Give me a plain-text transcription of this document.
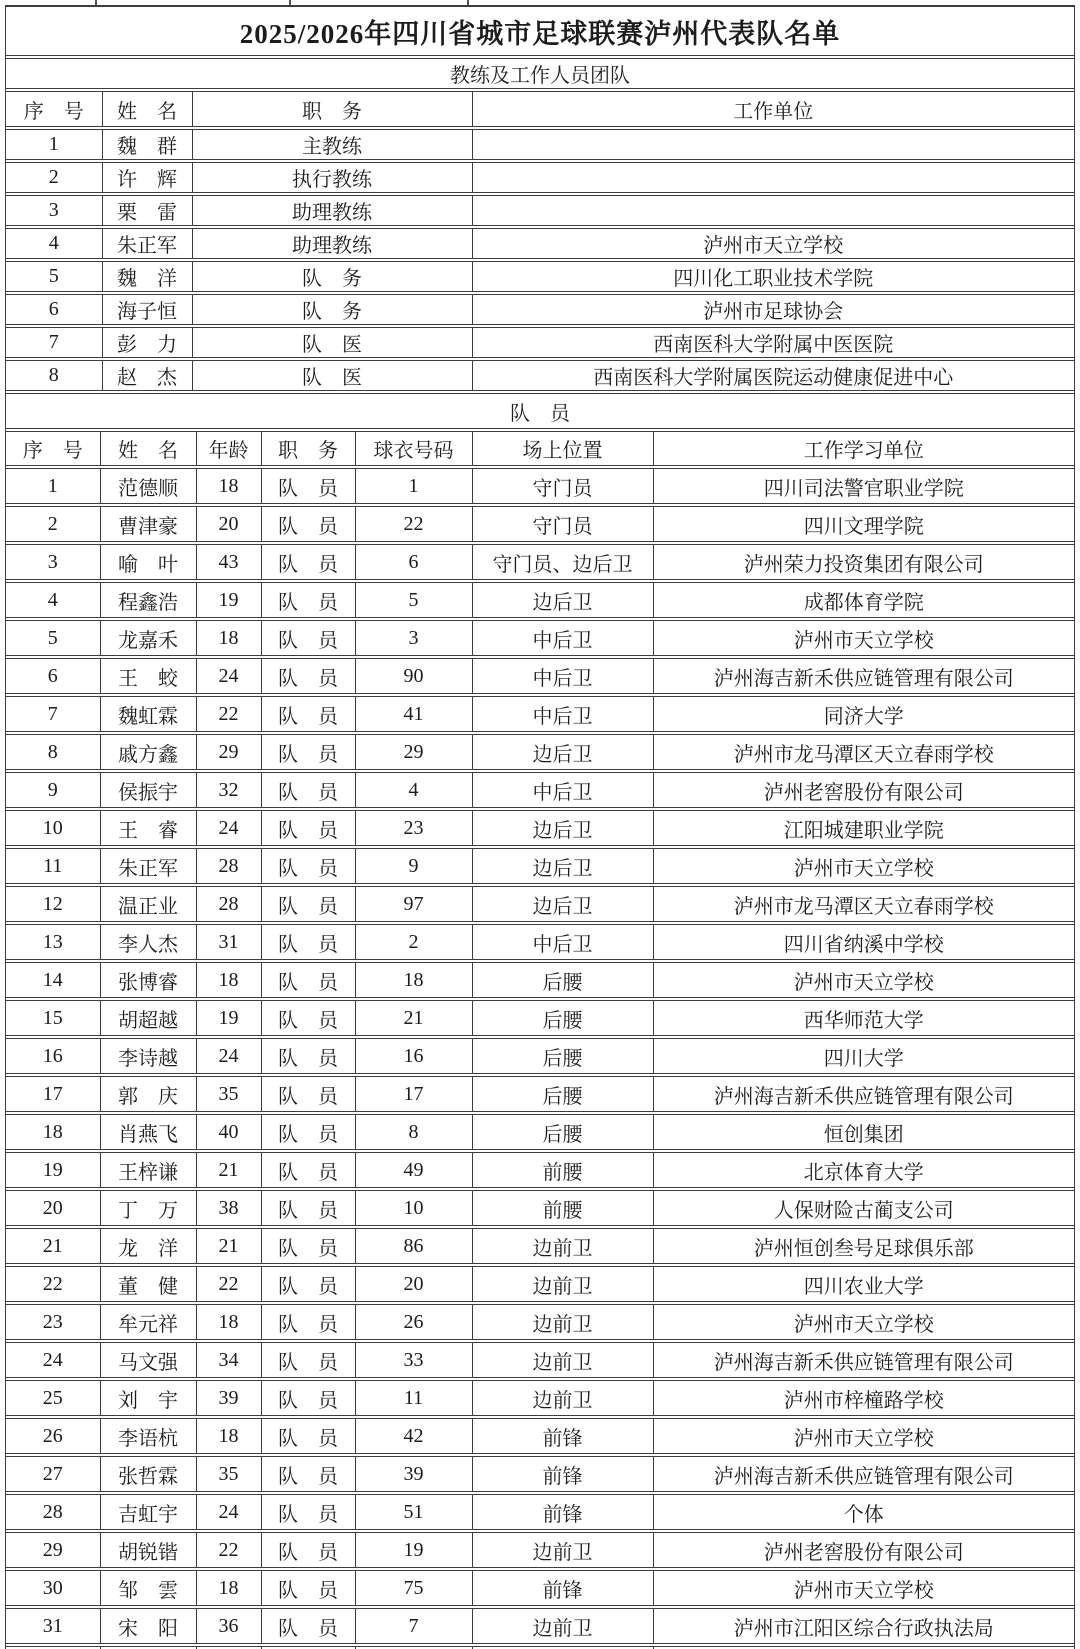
2025/2026年四川省城市足球联赛泸州代表队名单
教练及工作人员团队
序　号	姓　名	职　务	工作单位
1	魏　群	主教练	
2	许　辉	执行教练	
3	栗　雷	助理教练	
4	朱正军	助理教练	泸州市天立学校
5	魏　洋	队　务	四川化工职业技术学院
6	海子恒	队　务	泸州市足球协会
7	彭　力	队　医	西南医科大学附属中医医院
8	赵　杰	队　医	西南医科大学附属医院运动健康促进中心
队　员
序　号	姓　名	年龄	职　务	球衣号码	场上位置	工作学习单位
1	范德顺	18	队　员	1	守门员	四川司法警官职业学院
2	曹津豪	20	队　员	22	守门员	四川文理学院
3	喻　叶	43	队　员	6	守门员、边后卫	泸州荣力投资集团有限公司
4	程鑫浩	19	队　员	5	边后卫	成都体育学院
5	龙嘉禾	18	队　员	3	中后卫	泸州市天立学校
6	王　蛟	24	队　员	90	中后卫	泸州海吉新禾供应链管理有限公司
7	魏虹霖	22	队　员	41	中后卫	同济大学
8	戚方鑫	29	队　员	29	边后卫	泸州市龙马潭区天立春雨学校
9	侯振宇	32	队　员	4	中后卫	泸州老窖股份有限公司
10	王　睿	24	队　员	23	边后卫	江阳城建职业学院
11	朱正军	28	队　员	9	边后卫	泸州市天立学校
12	温正业	28	队　员	97	边后卫	泸州市龙马潭区天立春雨学校
13	李人杰	31	队　员	2	中后卫	四川省纳溪中学校
14	张博睿	18	队　员	18	后腰	泸州市天立学校
15	胡超越	19	队　员	21	后腰	西华师范大学
16	李诗越	24	队　员	16	后腰	四川大学
17	郭　庆	35	队　员	17	后腰	泸州海吉新禾供应链管理有限公司
18	肖燕飞	40	队　员	8	后腰	恒创集团
19	王梓谦	21	队　员	49	前腰	北京体育大学
20	丁　万	38	队　员	10	前腰	人保财险古蔺支公司
21	龙　洋	21	队　员	86	边前卫	泸州恒创叁号足球俱乐部
22	董　健	22	队　员	20	边前卫	四川农业大学
23	牟元祥	18	队　员	26	边前卫	泸州市天立学校
24	马文强	34	队　员	33	边前卫	泸州海吉新禾供应链管理有限公司
25	刘　宇	39	队　员	11	边前卫	泸州市梓橦路学校
26	李语杭	18	队　员	42	前锋	泸州市天立学校
27	张哲霖	35	队　员	39	前锋	泸州海吉新禾供应链管理有限公司
28	吉虹宇	24	队　员	51	前锋	个体
29	胡锐锴	22	队　员	19	边前卫	泸州老窖股份有限公司
30	邹　雲	18	队　员	75	前锋	泸州市天立学校
31	宋　阳	36	队　员	7	边前卫	泸州市江阳区综合行政执法局
